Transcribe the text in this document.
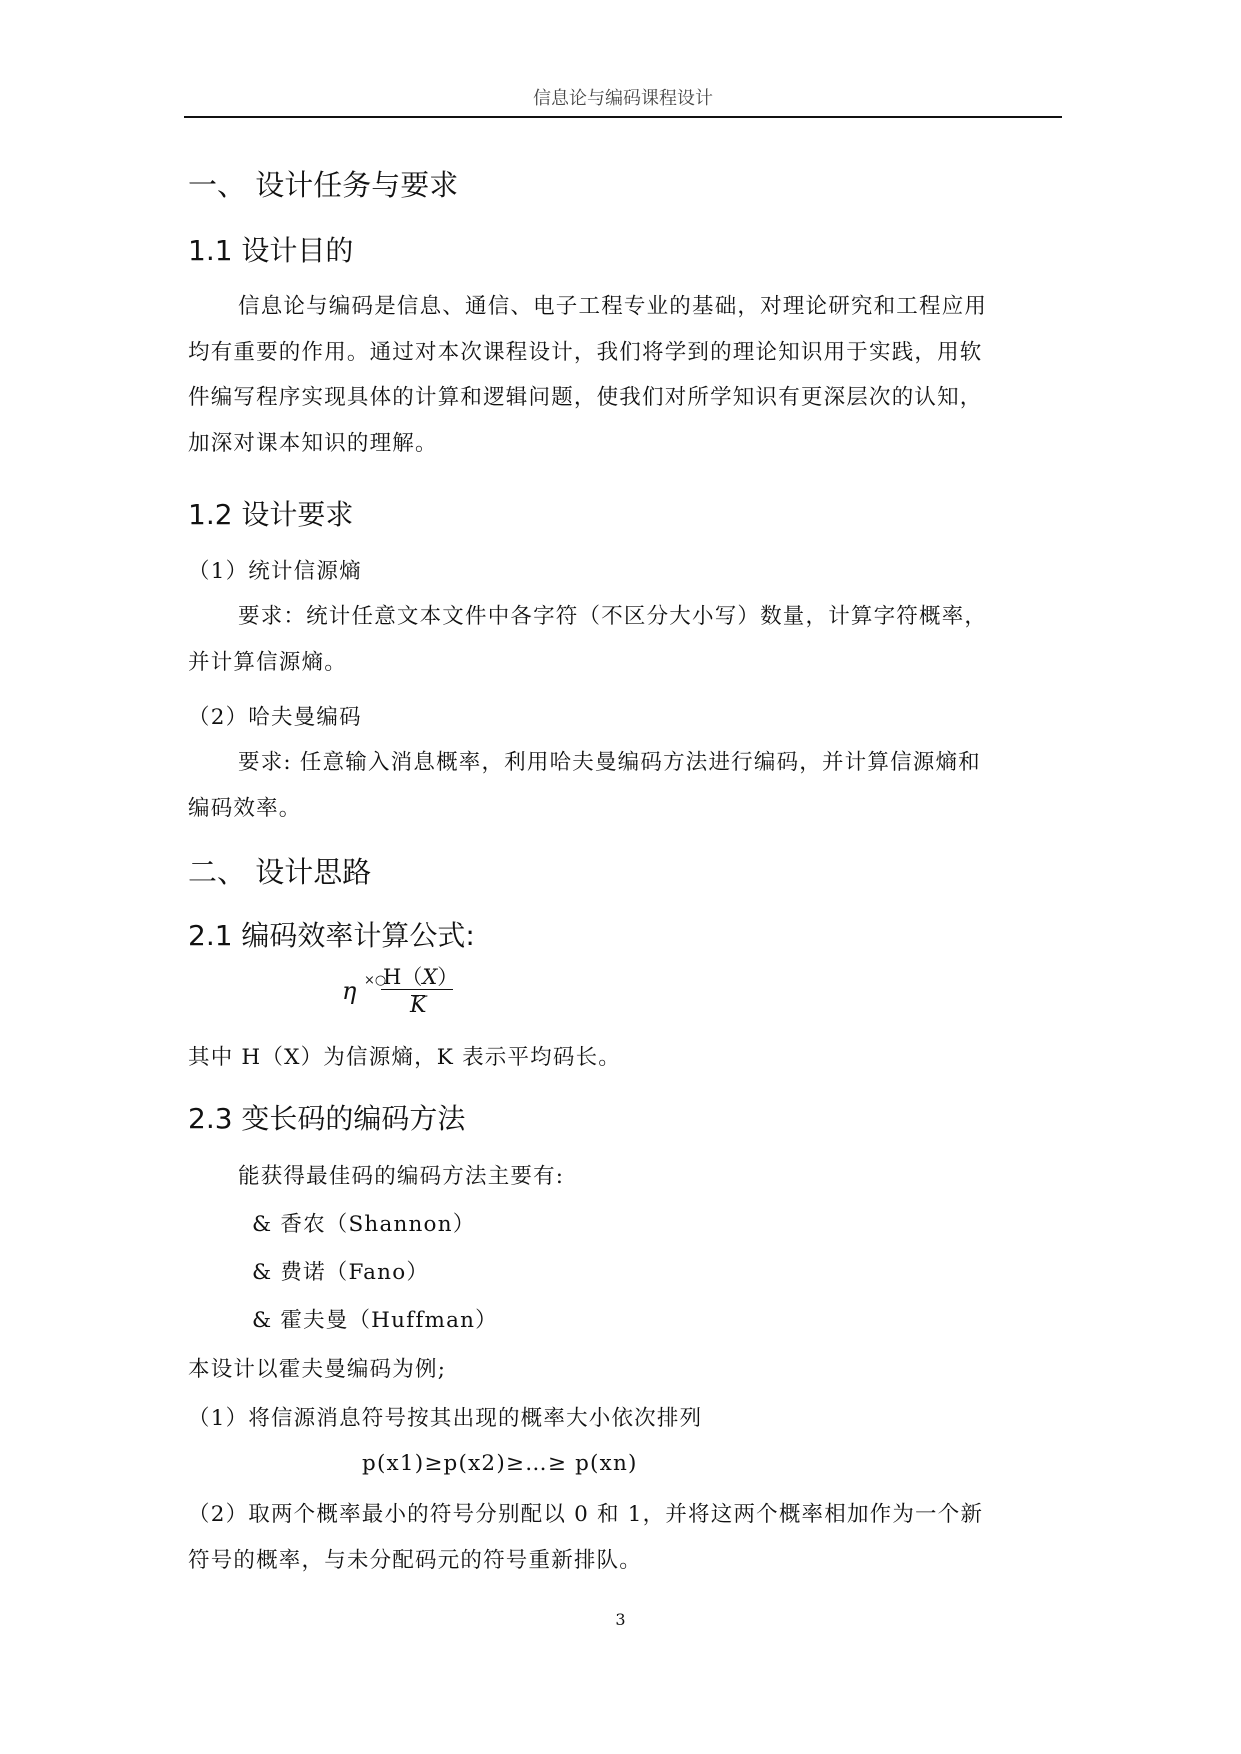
信息论与编码课程设计
一、 设计任务与要求
1.1 设计目的
信息论与编码是信息、通信、电子工程专业的基础，对理论研究和工程应用
均有重要的作用。通过对本次课程设计，我们将学到的理论知识用于实践，用软
件编写程序实现具体的计算和逻辑问题，使我们对所学知识有更深层次的认知，
加深对课本知识的理解。
1.2 设计要求
（1）统计信源熵
要求：统计任意文本文件中各字符（不区分大小写）数量，计算字符概率，
并计算信源熵。
（2）哈夫曼编码
要求: 任意输入消息概率，利用哈夫曼编码方法进行编码，并计算信源熵和
编码效率。
二、 设计思路
2.1 编码效率计算公式:
η ×○
H（X）
K
其中 H（X）为信源熵，K 表示平均码长。
2.3 变长码的编码方法
能获得最佳码的编码方法主要有:
& 香农（Shannon）
& 费诺（Fano）
& 霍夫曼（Huffman）
本设计以霍夫曼编码为例;
（1）将信源消息符号按其出现的概率大小依次排列
p(x1)≥p(x2)≥…≥ p(xn)
（2）取两个概率最小的符号分别配以 0 和 1，并将这两个概率相加作为一个新
符号的概率，与未分配码元的符号重新排队。
3
